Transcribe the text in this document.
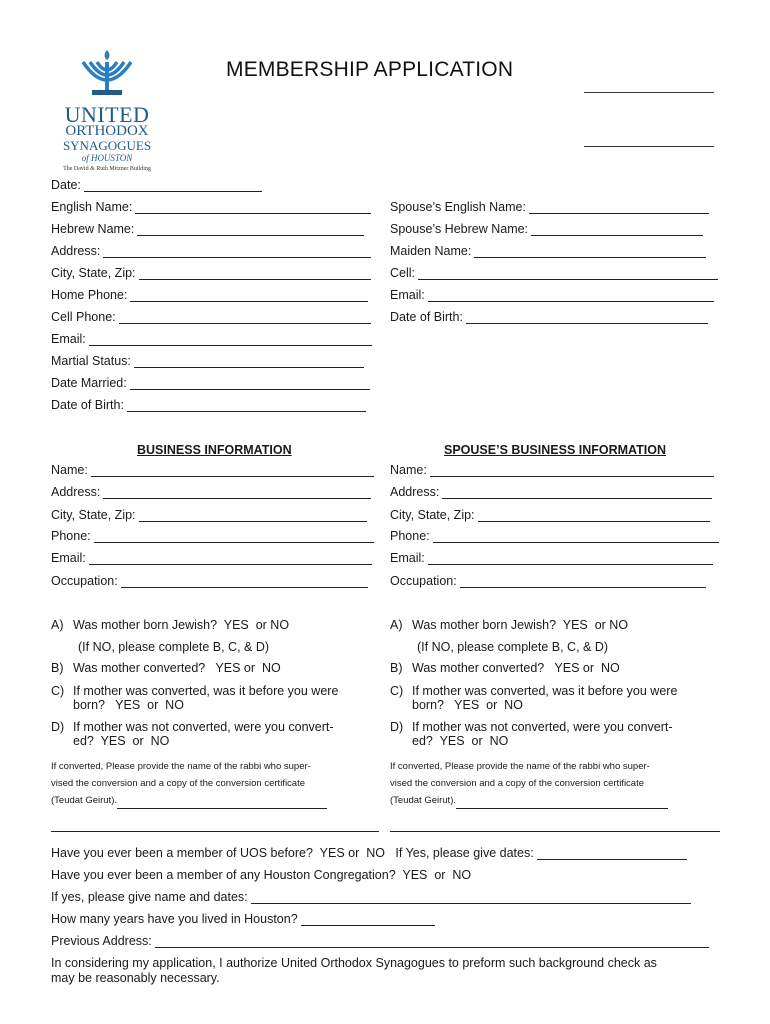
UNITED
ORTHODOX
SYNAGOGUES
of HOUSTON
The David & Ruth Mitzner Building
MEMBERSHIP APPLICATION
Date:
English Name:
Hebrew Name:
Address:
City, State, Zip:
Home Phone:
Cell Phone:
Email:
Martial Status:
Date Married:
Date of Birth:
Spouse’s English Name:
Spouse’s Hebrew Name:
Maiden Name:
Cell:
Email:
Date of Birth:
BUSINESS INFORMATION	SPOUSE’S BUSINESS INFORMATION
Name:
Address:
City, State, Zip:
Phone:
Email:
Occupation:
Name:
Address:
City, State, Zip:
Phone:
Email:
Occupation:
A) Was mother born Jewish?  YES  or NO
(If NO, please complete B, C, & D)
B) Was mother converted?   YES or  NO
C) If mother was converted, was it before you were
born?   YES  or  NO
D) If mother was not converted, were you convert-
ed?  YES  or  NO
If converted, Please provide the name of the rabbi who super-
vised the conversion and a copy of the conversion certificate
(Teudat Geirut).
A) Was mother born Jewish?  YES  or NO
(If NO, please complete B, C, & D)
B) Was mother converted?   YES or  NO
C) If mother was converted, was it before you were
born?   YES  or  NO
D) If mother was not converted, were you convert-
ed?  YES  or  NO
If converted, Please provide the name of the rabbi who super-
vised the conversion and a copy of the conversion certificate
(Teudat Geirut).
Have you ever been a member of UOS before?  YES or  NO   If Yes, please give dates:
Have you ever been a member of any Houston Congregation?  YES  or  NO
If yes, please give name and dates:
How many years have you lived in Houston?
Previous Address:
In considering my application, I authorize United Orthodox Synagogues to preform such background check as
may be reasonably necessary.
